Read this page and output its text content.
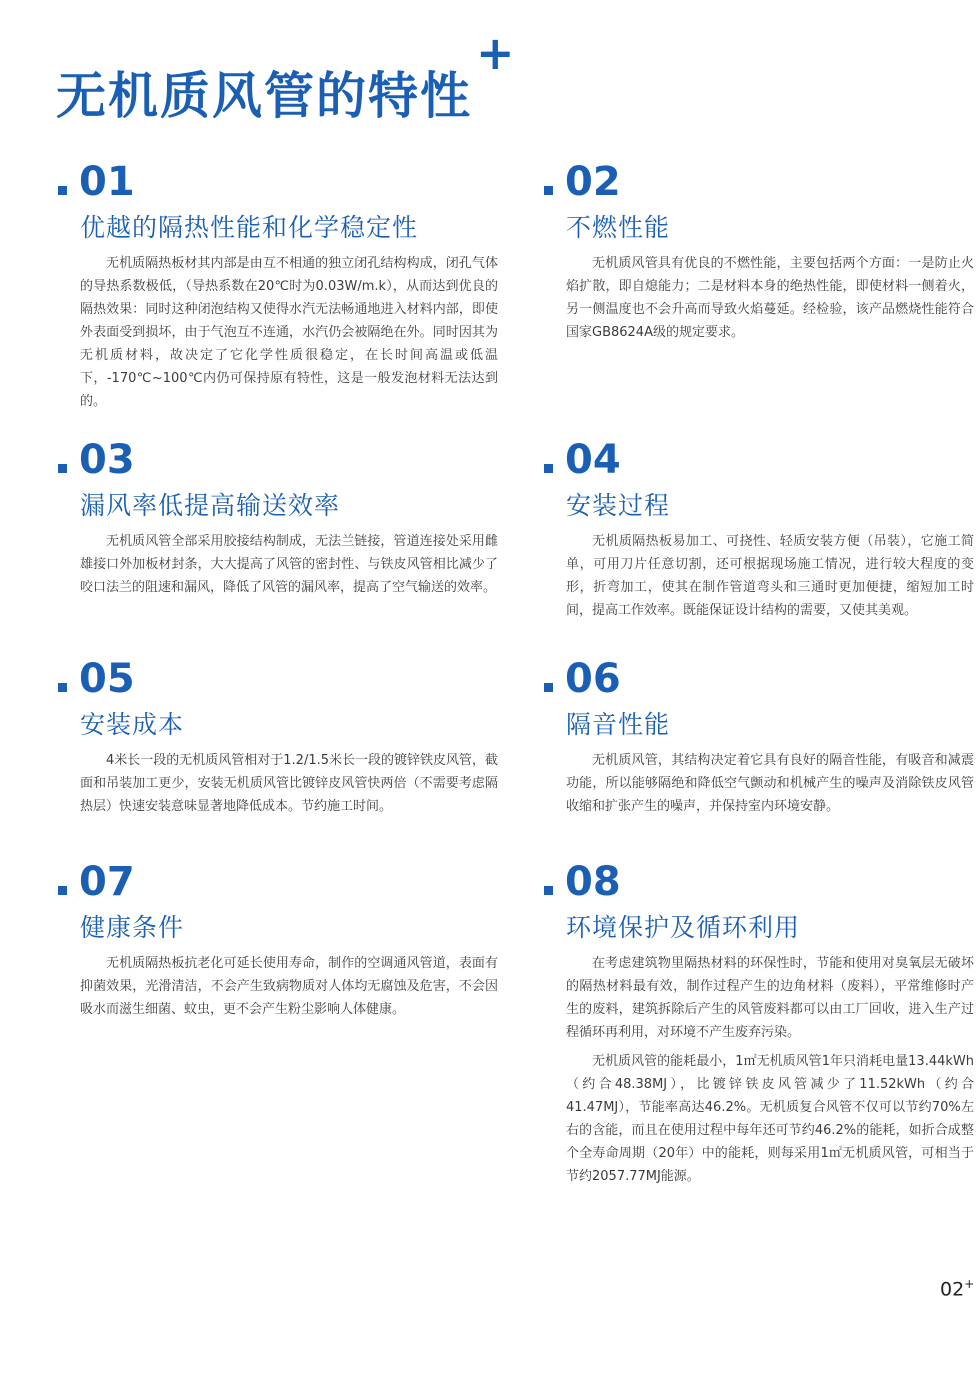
无机质风管的特性
+
01
优越的隔热性能和化学稳定性

无机质隔热板材其内部是由互不相通的独立闭孔结构构成，闭孔气体的导热系数极低，（导热系数在20℃时为0.03W/m.k），从而达到优良的隔热效果：同时这种闭泡结构又使得水汽无法畅通地进入材料内部，即使外表面受到损坏，由于气泡互不连通，水汽仍会被隔绝在外。同时因其为无机质材料，故决定了它化学性质很稳定，在长时间高温或低温下，-170℃~100℃内仍可保持原有特性，这是一般发泡材料无法达到的。

02
不燃性能

无机质风管具有优良的不燃性能，主要包括两个方面：一是防止火焰扩散，即自熄能力；二是材料本身的绝热性能，即使材料一侧着火，另一侧温度也不会升高而导致火焰蔓延。经检验，该产品燃烧性能符合国家GB8624A级的规定要求。

03
漏风率低提高输送效率

无机质风管全部采用胶接结构制成，无法兰链接，管道连接处采用雌雄接口外加板材封条，大大提高了风管的密封性、与铁皮风管相比减少了咬口法兰的阻速和漏风，降低了风管的漏风率，提高了空气输送的效率。

04
安装过程

无机质隔热板易加工、可挠性、轻质安装方便（吊装），它施工简单，可用刀片任意切割，还可根据现场施工情况，进行较大程度的变形，折弯加工，使其在制作管道弯头和三通时更加便捷，缩短加工时间，提高工作效率。既能保证设计结构的需要，又使其美观。

05
安装成本

4米长一段的无机质风管相对于1.2/1.5米长一段的镀锌铁皮风管，截面和吊装加工更少，安装无机质风管比镀锌皮风管快两倍（不需要考虑隔热层）快速安装意味显著地降低成本。节约施工时间。

06
隔音性能

无机质风管，其结构决定着它具有良好的隔音性能，有吸音和减震功能，所以能够隔绝和降低空气颤动和机械产生的噪声及消除铁皮风管收缩和扩张产生的噪声，并保持室内环境安静。

07
健康条件

无机质隔热板抗老化可延长使用寿命，制作的空调通风管道，表面有抑菌效果，光滑清洁，不会产生致病物质对人体均无腐蚀及危害，不会因吸水而滋生细菌、蚊虫，更不会产生粉尘影响人体健康。

08
环境保护及循环利用

在考虑建筑物里隔热材料的环保性时，节能和使用对臭氧层无破坏的隔热材料最有效，制作过程产生的边角材料（废料），平常维修时产生的废料，建筑拆除后产生的风管废料都可以由工厂回收，进入生产过程循环再利用，对环境不产生废弃污染。

无机质风管的能耗最小，1㎡无机质风管1年只消耗电量13.44kWh（约合48.38MJ），比镀锌铁皮风管减少了11.52kWh（约合41.47MJ），节能率高达46.2%。无机质复合风管不仅可以节约70%左右的含能，而且在使用过程中每年还可节约46.2%的能耗，如折合成整个全寿命周期（20年）中的能耗，则每采用1㎡无机质风管，可相当于节约2057.77MJ能源。

02+
